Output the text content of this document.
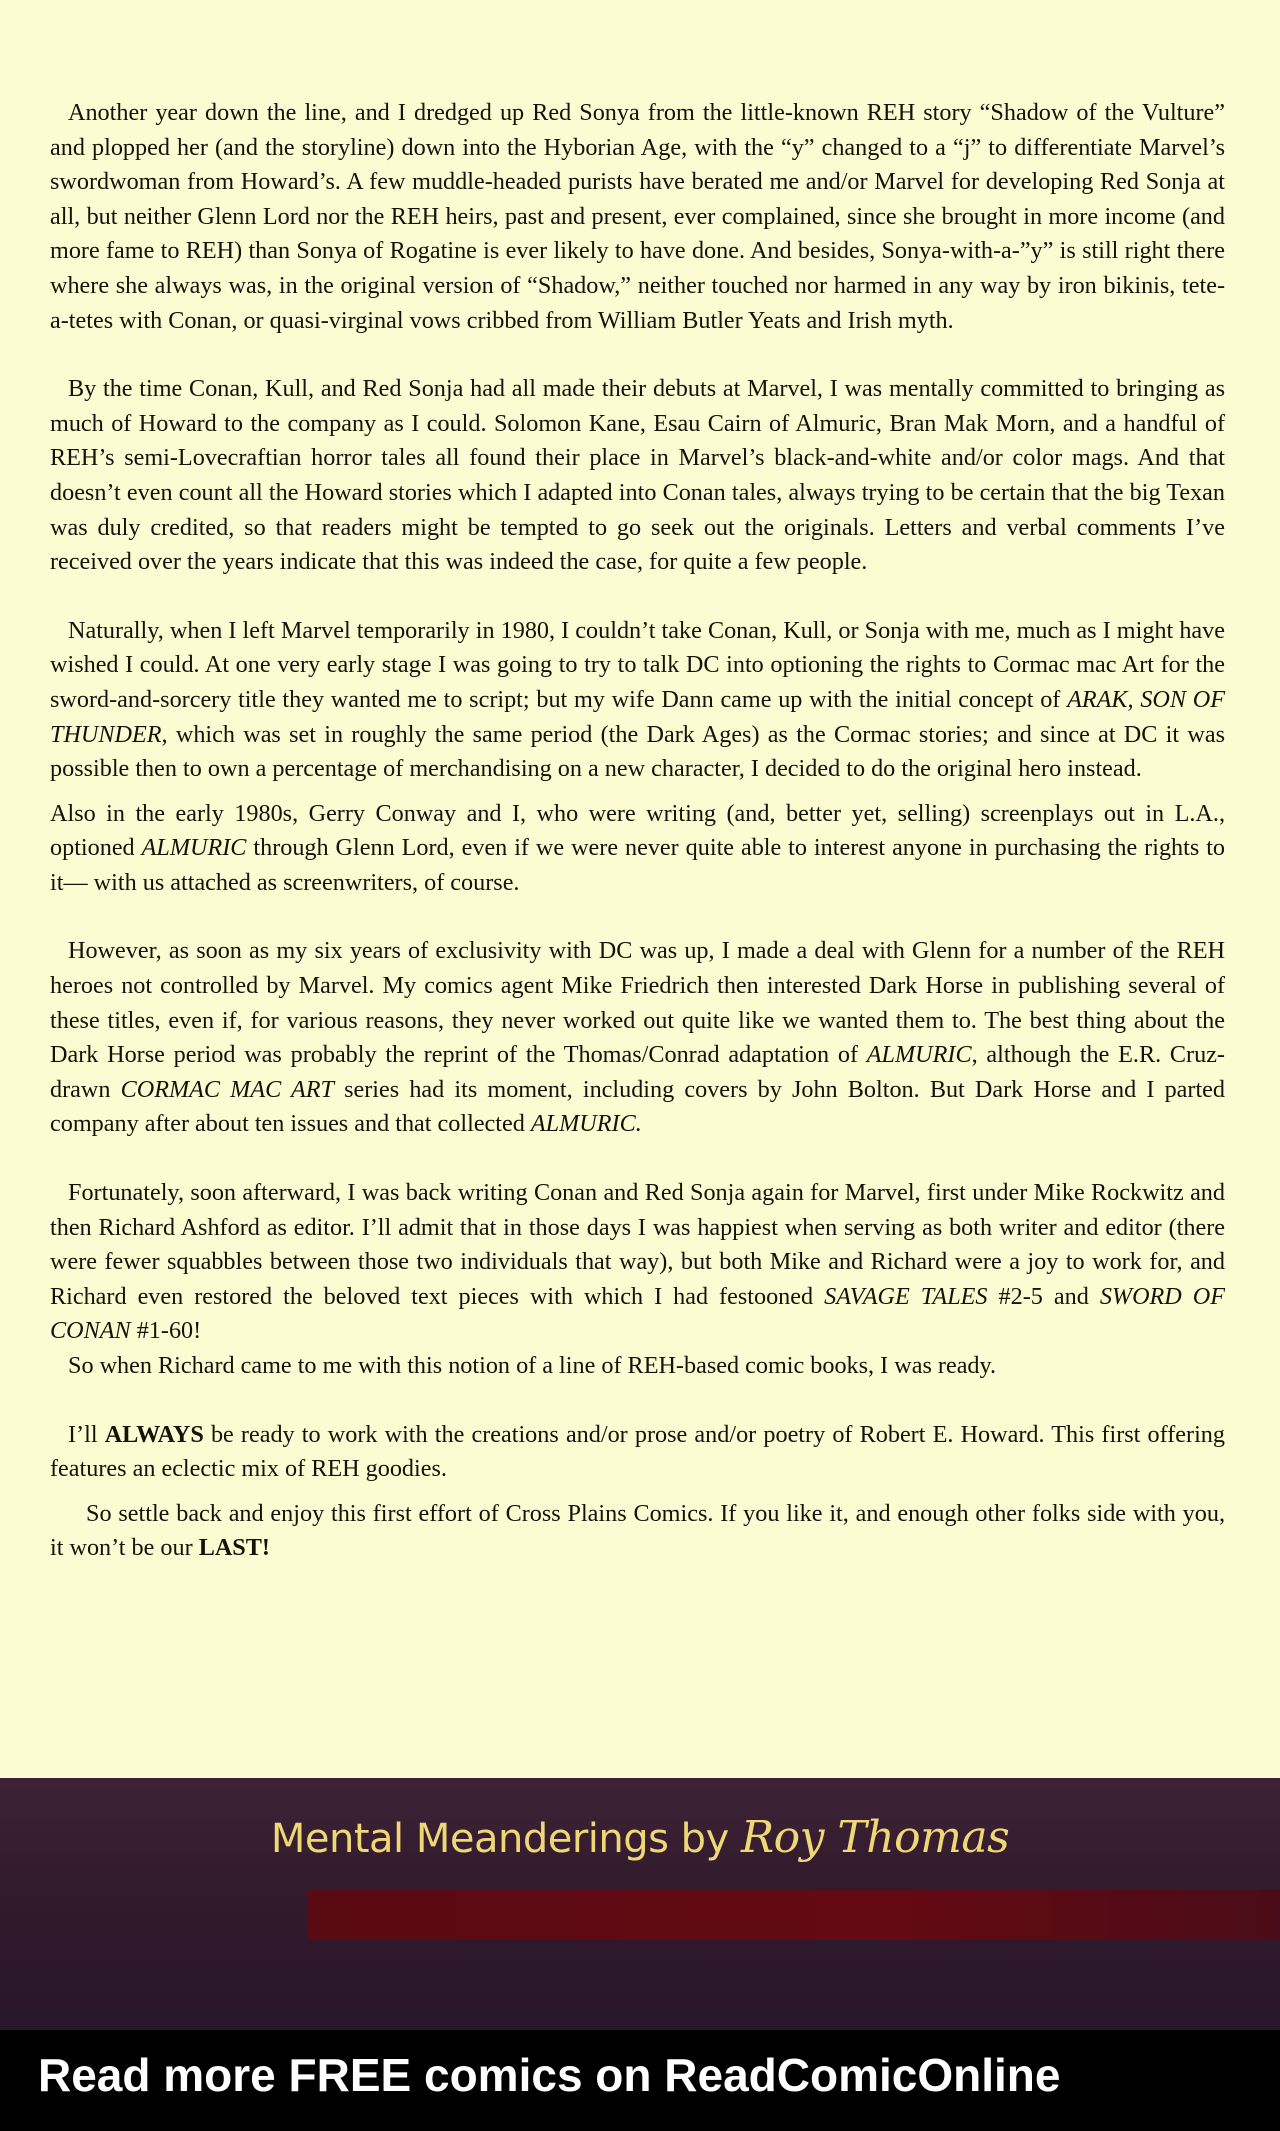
Another year down the line, and I dredged up Red Sonya from the little-known REH story “Shadow of the Vulture” and plopped her (and the storyline) down into the Hyborian Age, with the “y” changed to a “j” to differentiate Marvel’s swordwoman from Howard’s. A few muddle-headed purists have berated me and/or Marvel for developing Red Sonja at all, but neither Glenn Lord nor the REH heirs, past and present, ever complained, since she brought in more income (and more fame to REH) than Sonya of Rogatine is ever likely to have done. And besides, Sonya-with-a-”y” is still right there where she always was, in the original version of “Shadow,” neither touched nor harmed in any way by iron bikinis, tete-a-tetes with Conan, or quasi-virginal vows cribbed from William Butler Yeats and Irish myth.

By the time Conan, Kull, and Red Sonja had all made their debuts at Marvel, I was mentally committed to bringing as much of Howard to the company as I could. Solomon Kane, Esau Cairn of Almuric, Bran Mak Morn, and a handful of REH’s semi-Lovecraftian horror tales all found their place in Marvel’s black-and-white and/or color mags. And that doesn’t even count all the Howard stories which I adapted into Conan tales, always trying to be certain that the big Texan was duly credited, so that readers might be tempted to go seek out the originals. Letters and verbal comments I’ve received over the years indicate that this was indeed the case, for quite a few people.

Naturally, when I left Marvel temporarily in 1980, I couldn’t take Conan, Kull, or Sonja with me, much as I might have wished I could. At one very early stage I was going to try to talk DC into optioning the rights to Cormac mac Art for the sword-and-sorcery title they wanted me to script; but my wife Dann came up with the initial concept of ARAK, SON OF THUNDER, which was set in roughly the same period (the Dark Ages) as the Cormac stories; and since at DC it was possible then to own a percentage of merchandising on a new character, I decided to do the original hero instead.

Also in the early 1980s, Gerry Conway and I, who were writing (and, better yet, selling) screenplays out in L.A., optioned ALMURIC through Glenn Lord, even if we were never quite able to interest anyone in purchasing the rights to it— with us attached as screenwriters, of course.

However, as soon as my six years of exclusivity with DC was up, I made a deal with Glenn for a number of the REH heroes not controlled by Marvel. My comics agent Mike Friedrich then interested Dark Horse in publishing several of these titles, even if, for various reasons, they never worked out quite like we wanted them to. The best thing about the Dark Horse period was probably the reprint of the Thomas/Conrad adaptation of ALMURIC, although the E.R. Cruz-drawn CORMAC MAC ART series had its moment, including covers by John Bolton. But Dark Horse and I parted company after about ten issues and that collected ALMURIC.

Fortunately, soon afterward, I was back writing Conan and Red Sonja again for Marvel, first under Mike Rockwitz and then Richard Ashford as editor. I’ll admit that in those days I was happiest when serving as both writer and editor (there were fewer squabbles between those two individuals that way), but both Mike and Richard were a joy to work for, and Richard even restored the beloved text pieces with which I had festooned SAVAGE TALES #2-5 and SWORD OF CONAN #1-60!

So when Richard came to me with this notion of a line of REH-based comic books, I was ready.

I’ll ALWAYS be ready to work with the creations and/or prose and/or poetry of Robert E. Howard. This first offering features an eclectic mix of REH goodies.

So settle back and enjoy this first effort of Cross Plains Comics. If you like it, and enough other folks side with you, it won’t be our LAST!

Mental Meanderings by Roy Thomas
Read more FREE comics on ReadComicOnline
